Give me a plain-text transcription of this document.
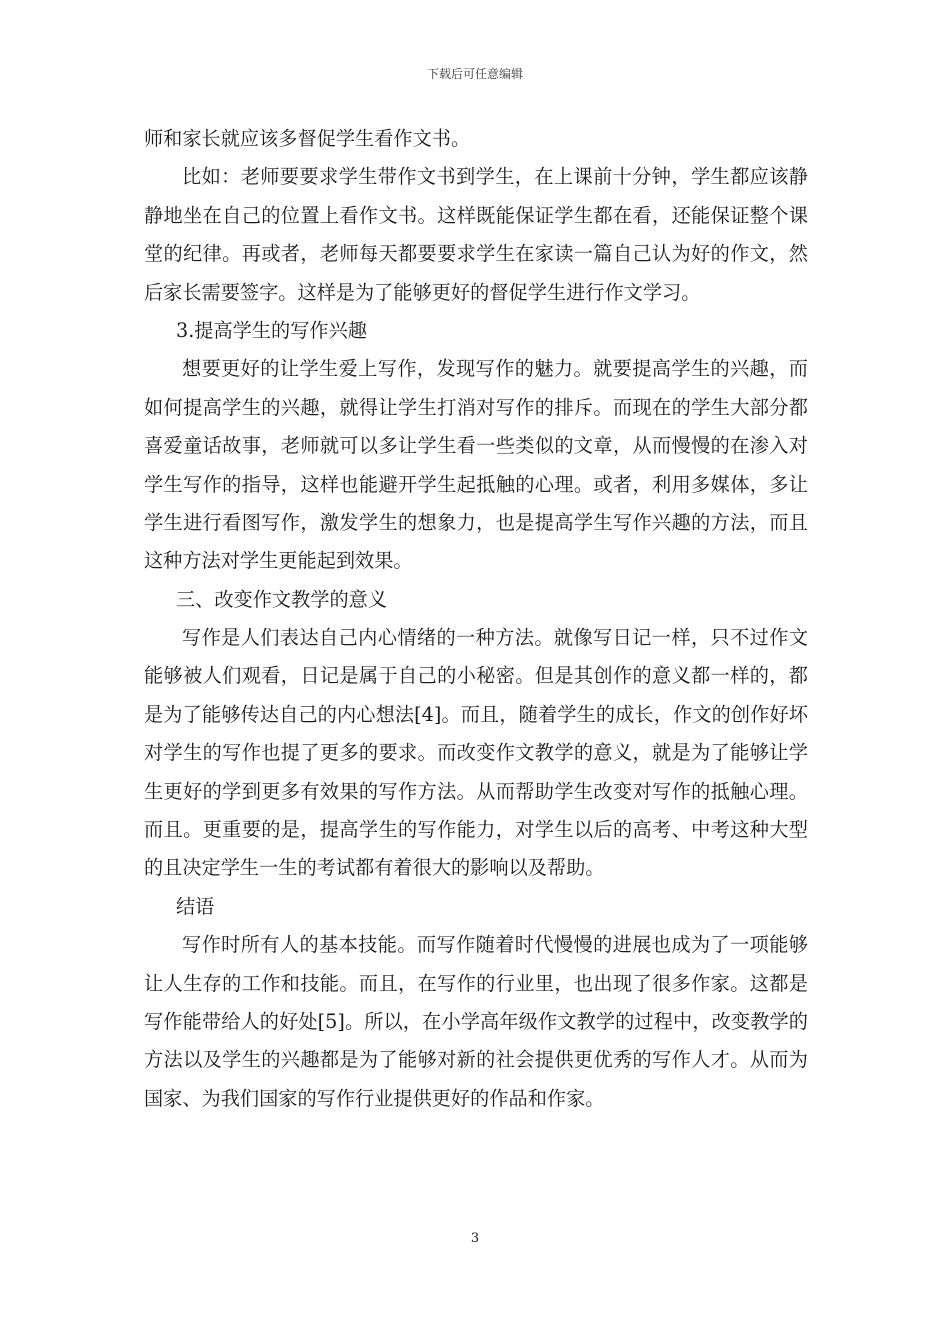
下载后可任意编辑
师和家长就应该多督促学生看作文书。
比如：老师要要求学生带作文书到学生，在上课前十分钟，学生都应该静
静地坐在自己的位置上看作文书。这样既能保证学生都在看，还能保证整个课
堂的纪律。再或者，老师每天都要要求学生在家读一篇自己认为好的作文，然
后家长需要签字。这样是为了能够更好的督促学生进行作文学习。
3.提高学生的写作兴趣
想要更好的让学生爱上写作，发现写作的魅力。就要提高学生的兴趣，而
如何提高学生的兴趣，就得让学生打消对写作的排斥。而现在的学生大部分都
喜爱童话故事，老师就可以多让学生看一些类似的文章，从而慢慢的在渗入对
学生写作的指导，这样也能避开学生起抵触的心理。或者，利用多媒体，多让
学生进行看图写作，激发学生的想象力，也是提高学生写作兴趣的方法，而且
这种方法对学生更能起到效果。
三、改变作文教学的意义
写作是人们表达自己内心情绪的一种方法。就像写日记一样，只不过作文
能够被人们观看，日记是属于自己的小秘密。但是其创作的意义都一样的，都
是为了能够传达自己的内心想法[4]。而且，随着学生的成长，作文的创作好坏
对学生的写作也提了更多的要求。而改变作文教学的意义，就是为了能够让学
生更好的学到更多有效果的写作方法。从而帮助学生改变对写作的抵触心理。
而且。更重要的是，提高学生的写作能力，对学生以后的高考、中考这种大型
的且决定学生一生的考试都有着很大的影响以及帮助。
结语
写作时所有人的基本技能。而写作随着时代慢慢的进展也成为了一项能够
让人生存的工作和技能。而且，在写作的行业里，也出现了很多作家。这都是
写作能带给人的好处[5]。所以，在小学高年级作文教学的过程中，改变教学的
方法以及学生的兴趣都是为了能够对新的社会提供更优秀的写作人才。从而为
国家、为我们国家的写作行业提供更好的作品和作家。
3
